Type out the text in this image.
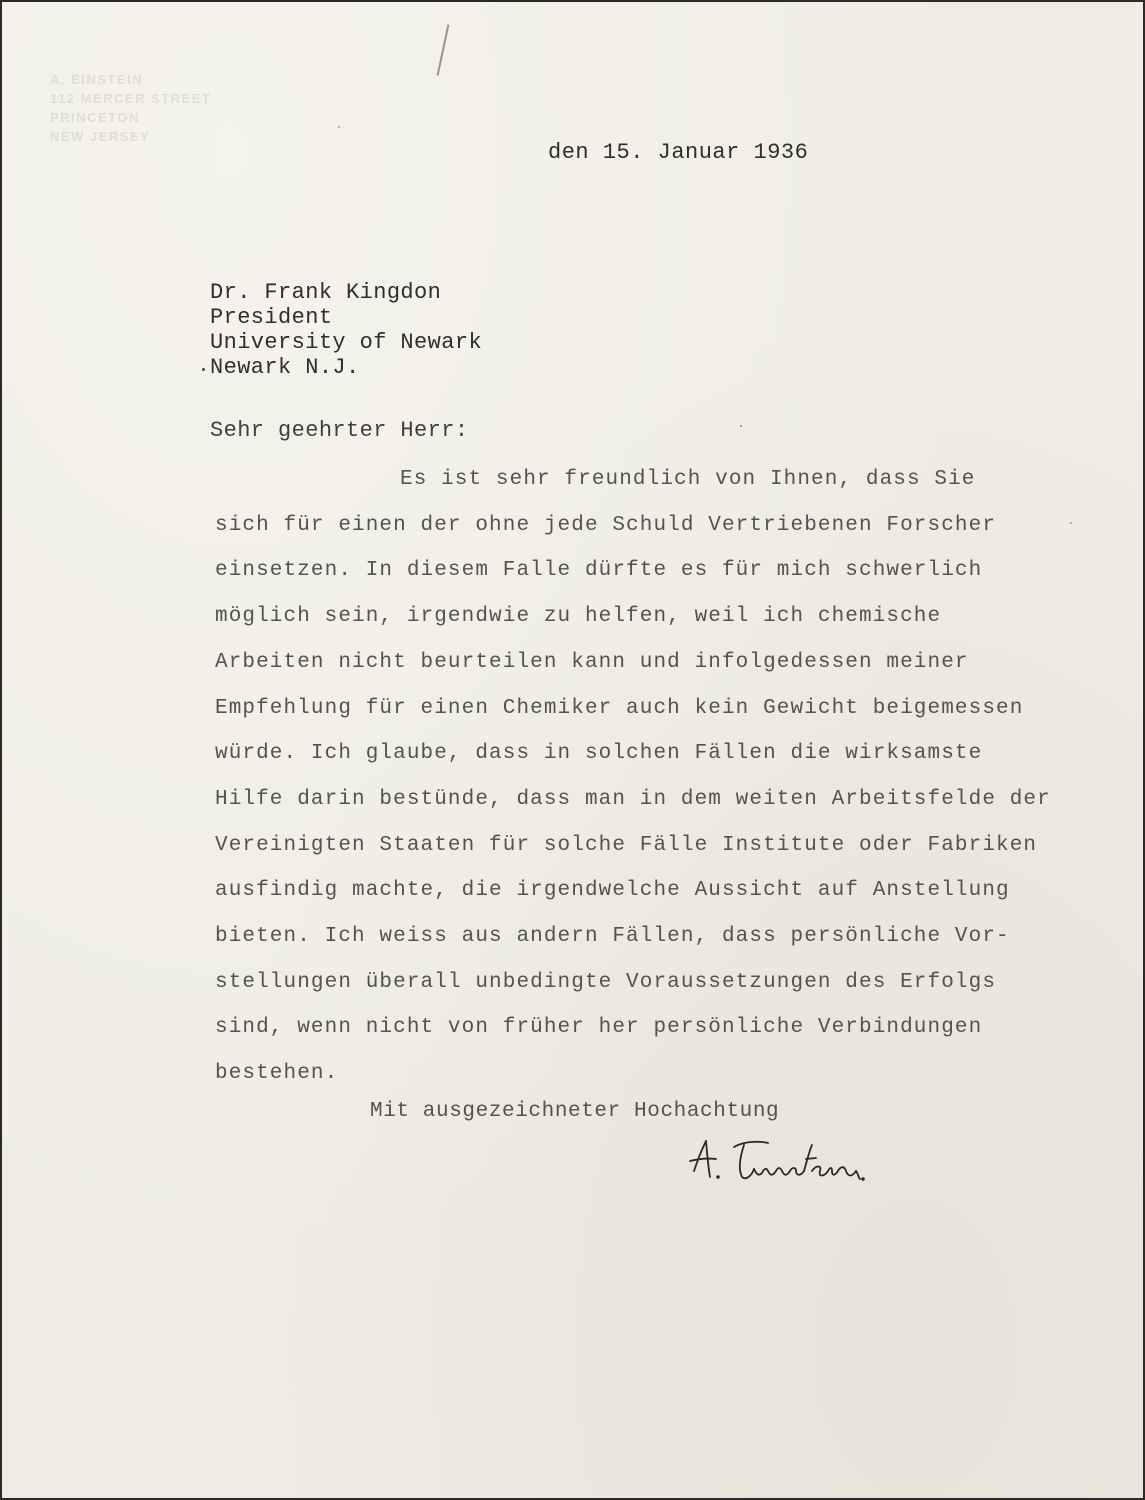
A. EINSTEIN
112 MERCER STREET
PRINCETON
NEW JERSEY
den 15. Januar 1936
Dr. Frank Kingdon
President
University of Newark
Newark N.J.
Sehr geehrter Herr:
Es ist sehr freundlich von Ihnen, dass Sie
sich für einen der ohne jede Schuld Vertriebenen Forscher
einsetzen. In diesem Falle dürfte es für mich schwerlich
möglich sein, irgendwie zu helfen, weil ich chemische
Arbeiten nicht beurteilen kann und infolgedessen meiner
Empfehlung für einen Chemiker auch kein Gewicht beigemessen
würde. Ich glaube, dass in solchen Fällen die wirksamste
Hilfe darin bestünde, dass man in dem weiten Arbeitsfelde der
Vereinigten Staaten für solche Fälle Institute oder Fabriken
ausfindig machte, die irgendwelche Aussicht auf Anstellung
bieten. Ich weiss aus andern Fällen, dass persönliche Vor-
stellungen überall unbedingte Voraussetzungen des Erfolgs
sind, wenn nicht von früher her persönliche Verbindungen
bestehen.
Mit ausgezeichneter Hochachtung
